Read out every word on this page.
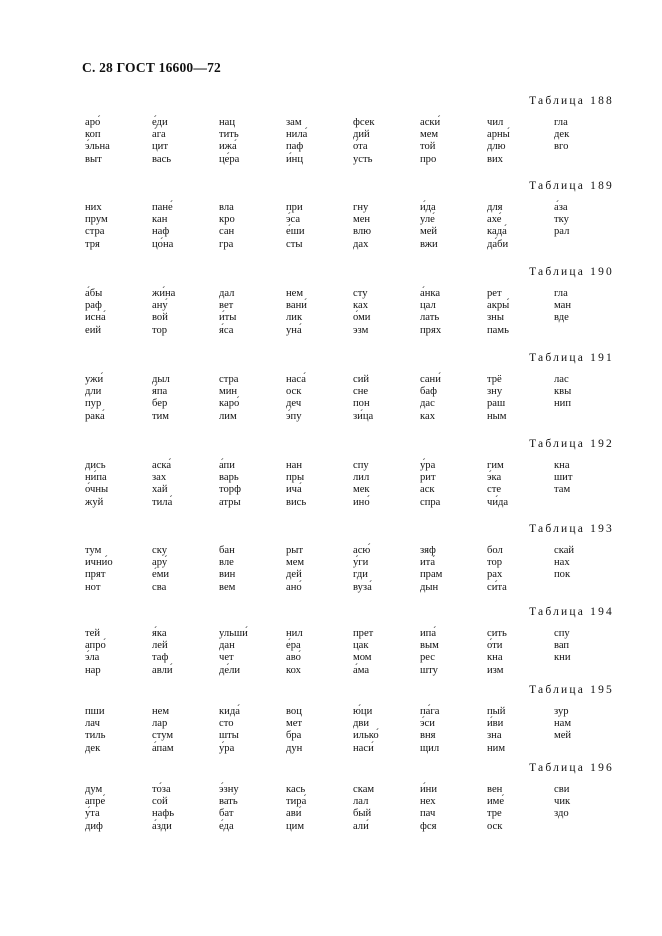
С. 28 ГОСТ 16600—72
Таблица 188
аро́
коп
э́льна
выт
е́ди
а́га
цит
вась
нац
тить
ижа́
це́ра
зам
нила́
паф
и́нц
фсек
дий
о́та
усть
аски́
мем
той
про
чил
арны́
длю
вих
гла
дек
вго
Таблица 189
них
прум
стра
тря
пане́
кан
наф
цо́на
вла
кро
сан
гра
при
э́са
е́ши
сты
гну
мен
влю
дах
и́да
уле́
мей
вжи
для
ахе́
када́
да́би
а́за
тку
рал
Таблица 190
а́бы
раф
исна́
еий
жи́на
ану́
вой
тор
дал
вет
и́ты
я́са
нем
вани́
лик
уна́
сту
ках
о́ми
эзм
а́нка
цал
лать
прях
рет
акры́
зны
памь
гла
ман
вде
Таблица 191
ужи́
дли
пур
рака́
дыл
я́па
бер
тим
стра
мин
каро́
лим
наса́
оск
деч
э́пу
сий
сне
пон
зи́ца
сани́
баф
дас
ках
трё
зну
раш
ным
лас
квы
нип
Таблица 192
дись
ни́па
о́чны
жуй
аска́
зах
хай
тила́
а́пи
варь
торф
атры
нан
пры
ича́
вись
спу
лил
мек
ино́
у́ра
рит
аск
спра
гим
э́ка
сте
чи́да
кна
шит
там
Таблица 193
тум
ични́о
прят
нот
ску
ару́
е́ми
сва
бан
вле
вин
вем
рыт
мем
дей
ано́
асю́
у́ги
гди
вуза́
зяф
ита́
прам
дын
бол
тор
рах
си́та
скай
нах
пок
Таблица 194
тей
апро́
э́ла
нар
я́ка
лей
таф
авли́
ульши́
дан
чет
де́ли
нил
е́ра
аво́
кох
прет
цак
мом
а́ма
ипа́
вым
рес
шту
сить
о́ти
кна
изм
спу
вап
кни
Таблица 195
пши
лач
тиль
дек
нем
лар
стум
а́пам
кида́
сто
шты
у́ра
воц
мет
бра
дун
ю́ци
дви
илько́
наси́
па́га
э́си
вня
щил
пый
и́ви
зна
ним
зур
нам
мей
Таблица 196
дум
апре́
у́та
диф
то́за
сой
нафь
а́зди
э́зну
вать
бат
е́да
кась
тира́
ави́
цим
скам
лал
бый
али́
и́ни
нех
пач
фся
вен
име́
тре
оск
сви
чик
здо
